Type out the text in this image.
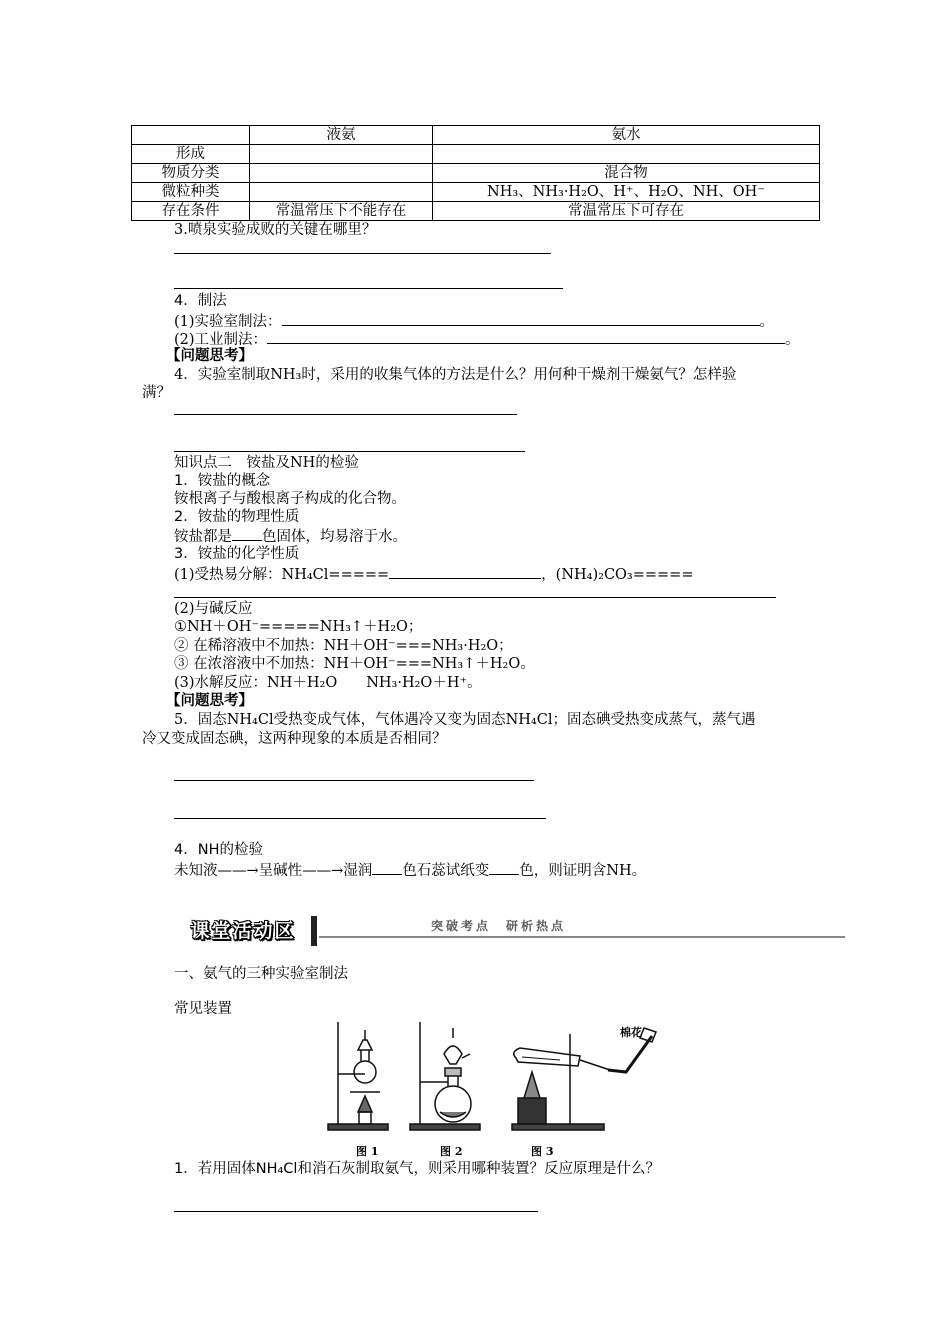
	液氨	氨水
形成		
物质分类		混合物
微粒种类		NH₃、NH₃·H₂O、H⁺、H₂O、NH、OH⁻
存在条件	常温常压下不能存在	常温常压下可存在
3.喷泉实验成败的关键在哪里？
4．制法
(1)实验室制法：	。
(2)工业制法：	。
【问题思考】
4．实验室制取NH₃时，采用的收集气体的方法是什么？用何种干燥剂干燥氨气？怎样验
满？
知识点二　铵盐及NH的检验
1．铵盐的概念
铵根离子与酸根离子构成的化合物。
2．铵盐的物理性质
铵盐都是 色固体，均易溶于水。
3．铵盐的化学性质
(1)受热易分解：NH₄Cl=====	，(NH₄)₂CO₃=====
(2)与碱反应
①NH＋OH⁻=====NH₃↑＋H₂O；
② 在稀溶液中不加热：NH＋OH⁻===NH₃·H₂O；
③ 在浓溶液中不加热：NH＋OH⁻===NH₃↑＋H₂O。
(3)水解反应：NH＋H₂O　　NH₃·H₂O＋H⁺。
【问题思考】
5．固态NH₄Cl受热变成气体，气体遇冷又变为固态NH₄Cl；固态碘受热变成蒸气，蒸气遇
冷又变成固态碘，这两种现象的本质是否相同？
4．NH的检验
未知液——→呈碱性——→湿润 色石蕊试纸变 色，则证明含NH。
课堂活动区	突破考点　研析热点
一、氨气的三种实验室制法
常见装置
棉花
图 1	图 2	图 3
1．若用固体NH₄Cl和消石灰制取氨气，则采用哪种装置？反应原理是什么？
